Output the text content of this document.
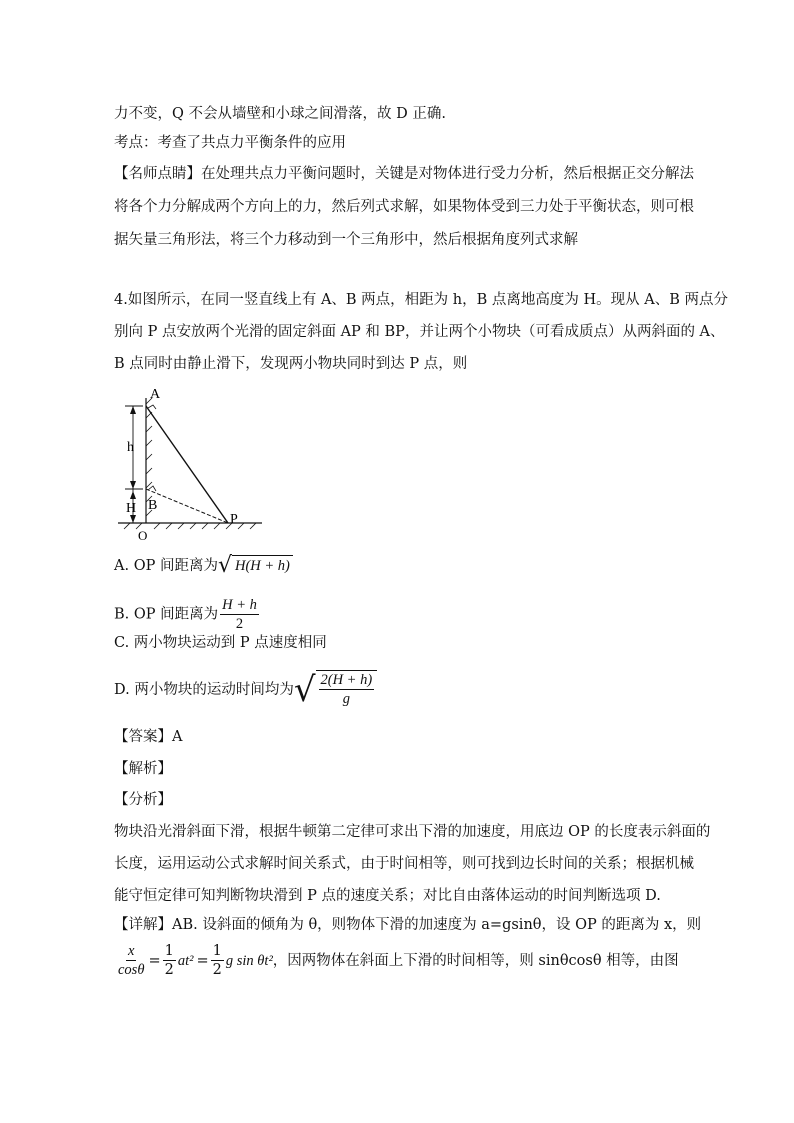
力不变，Q 不会从墙壁和小球之间滑落，故 D 正确.
考点：考查了共点力平衡条件的应用
【名师点睛】在处理共点力平衡问题时，关键是对物体进行受力分析，然后根据正交分解法
将各个力分解成两个方向上的力，然后列式求解，如果物体受到三力处于平衡状态，则可根
据矢量三角形法，将三个力移动到一个三角形中，然后根据角度列式求解
4.如图所示，在同一竖直线上有 A、B 两点，相距为 h，B 点离地高度为 H。现从 A、B 两点分
别向 P 点安放两个光滑的固定斜面 AP 和 BP，并让两个小物块（可看成质点）从两斜面的 A、
B 点同时由静止滑下，发现两小物块同时到达 P 点，则
A
h
B
H
P
O
A. OP 间距离为 √ H(H + h)
B. OP 间距离为 $\frac{H + h}{2}$
C. 两小物块运动到 P 点速度相同
D. 两小物块的运动时间均为 √ $\frac{2(H + h)}{g}$
【答案】A
【解析】
【分析】
物块沿光滑斜面下滑，根据牛顿第二定律可求出下滑的加速度，用底边 OP 的长度表示斜面的
长度，运用运动公式求解时间关系式，由于时间相等，则可找到边长时间的关系；根据机械
能守恒定律可知判断物块滑到 P 点的速度关系；对比自由落体运动的时间判断选项 D.
【详解】AB. 设斜面的倾角为 θ，则物体下滑的加速度为 a=gsinθ，设 OP 的距离为 x，则
$\frac{x}{\cos\theta} = \frac{1}{2} at^2 = \frac{1}{2}$ g sin θt² ，因两物体在斜面上下滑的时间相等，则 sinθcosθ 相等，由图
